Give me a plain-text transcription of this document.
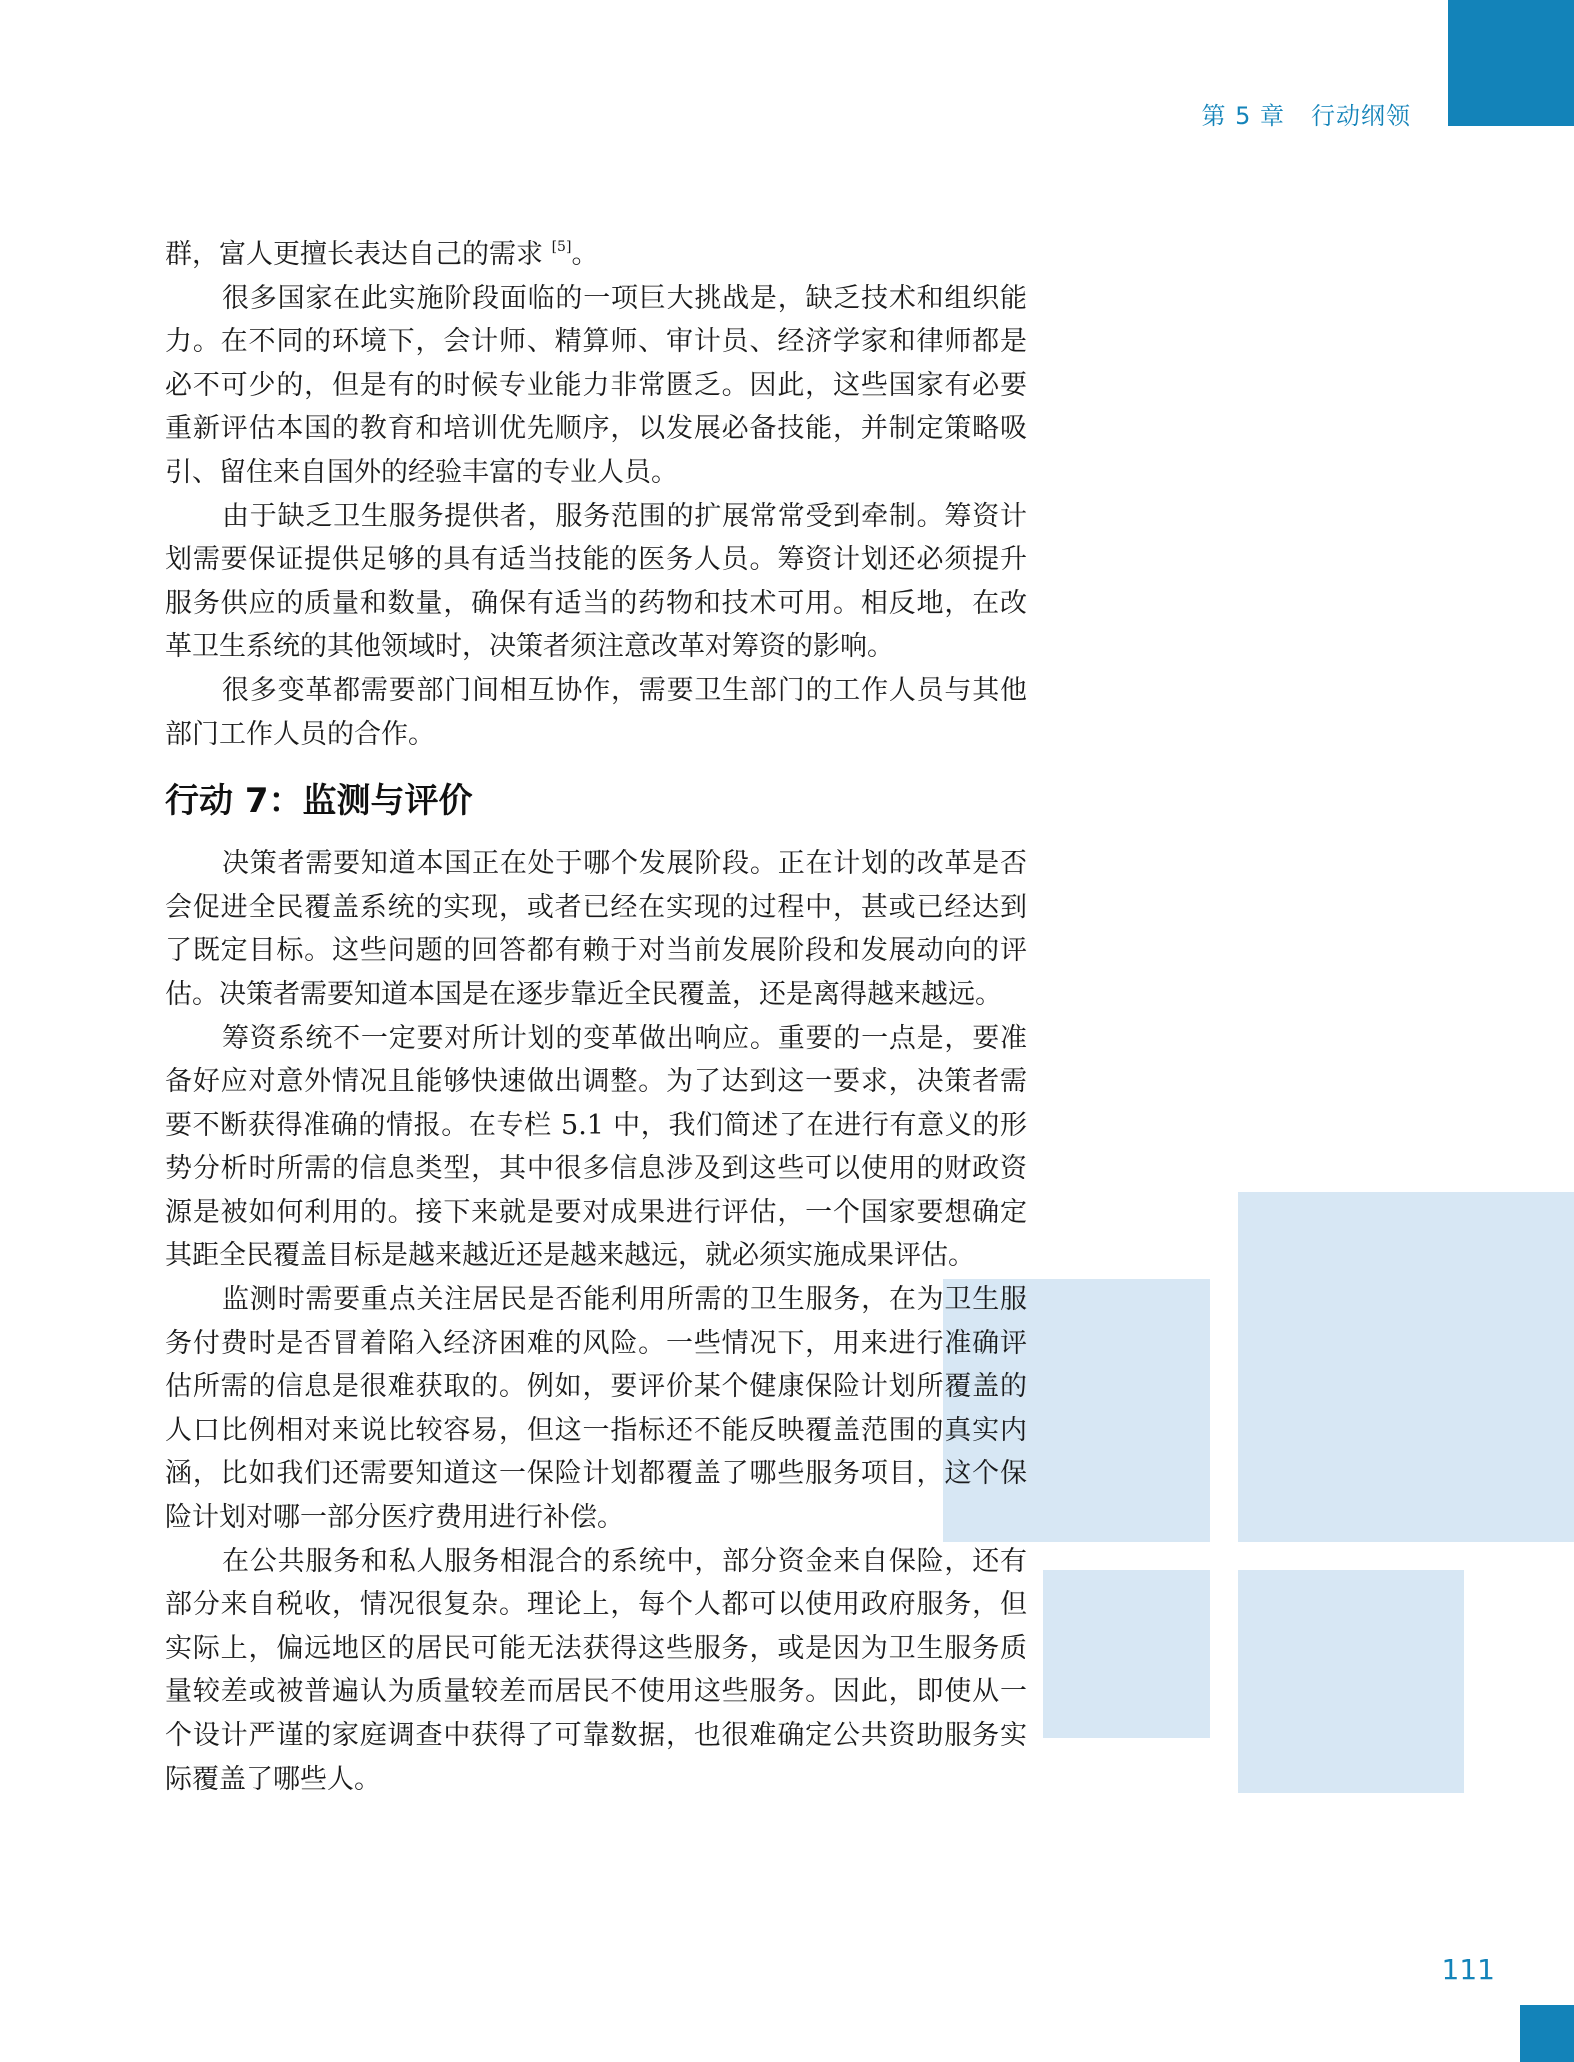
第 5 章 行动纲领

群，富人更擅长表达自己的需求 [5]。

很多国家在此实施阶段面临的一项巨大挑战是，缺乏技术和组织能力。在不同的环境下，会计师、精算师、审计员、经济学家和律师都是必不可少的，但是有的时候专业能力非常匮乏。因此，这些国家有必要重新评估本国的教育和培训优先顺序，以发展必备技能，并制定策略吸引、留住来自国外的经验丰富的专业人员。

由于缺乏卫生服务提供者，服务范围的扩展常常受到牵制。筹资计划需要保证提供足够的具有适当技能的医务人员。筹资计划还必须提升服务供应的质量和数量，确保有适当的药物和技术可用。相反地，在改革卫生系统的其他领域时，决策者须注意改革对筹资的影响。

很多变革都需要部门间相互协作，需要卫生部门的工作人员与其他部门工作人员的合作。

行动 7：监测与评价

决策者需要知道本国正在处于哪个发展阶段。正在计划的改革是否会促进全民覆盖系统的实现，或者已经在实现的过程中，甚或已经达到了既定目标。这些问题的回答都有赖于对当前发展阶段和发展动向的评估。决策者需要知道本国是在逐步靠近全民覆盖，还是离得越来越远。

筹资系统不一定要对所计划的变革做出响应。重要的一点是，要准备好应对意外情况且能够快速做出调整。为了达到这一要求，决策者需要不断获得准确的情报。在专栏 5.1 中，我们简述了在进行有意义的形势分析时所需的信息类型，其中很多信息涉及到这些可以使用的财政资源是被如何利用的。接下来就是要对成果进行评估，一个国家要想确定其距全民覆盖目标是越来越近还是越来越远，就必须实施成果评估。

监测时需要重点关注居民是否能利用所需的卫生服务，在为卫生服务付费时是否冒着陷入经济困难的风险。一些情况下，用来进行准确评估所需的信息是很难获取的。例如，要评价某个健康保险计划所覆盖的人口比例相对来说比较容易，但这一指标还不能反映覆盖范围的真实内涵，比如我们还需要知道这一保险计划都覆盖了哪些服务项目，这个保险计划对哪一部分医疗费用进行补偿。

在公共服务和私人服务相混合的系统中，部分资金来自保险，还有部分来自税收，情况很复杂。理论上，每个人都可以使用政府服务，但实际上，偏远地区的居民可能无法获得这些服务，或是因为卫生服务质量较差或被普遍认为质量较差而居民不使用这些服务。因此，即使从一个设计严谨的家庭调查中获得了可靠数据，也很难确定公共资助服务实际覆盖了哪些人。

111
